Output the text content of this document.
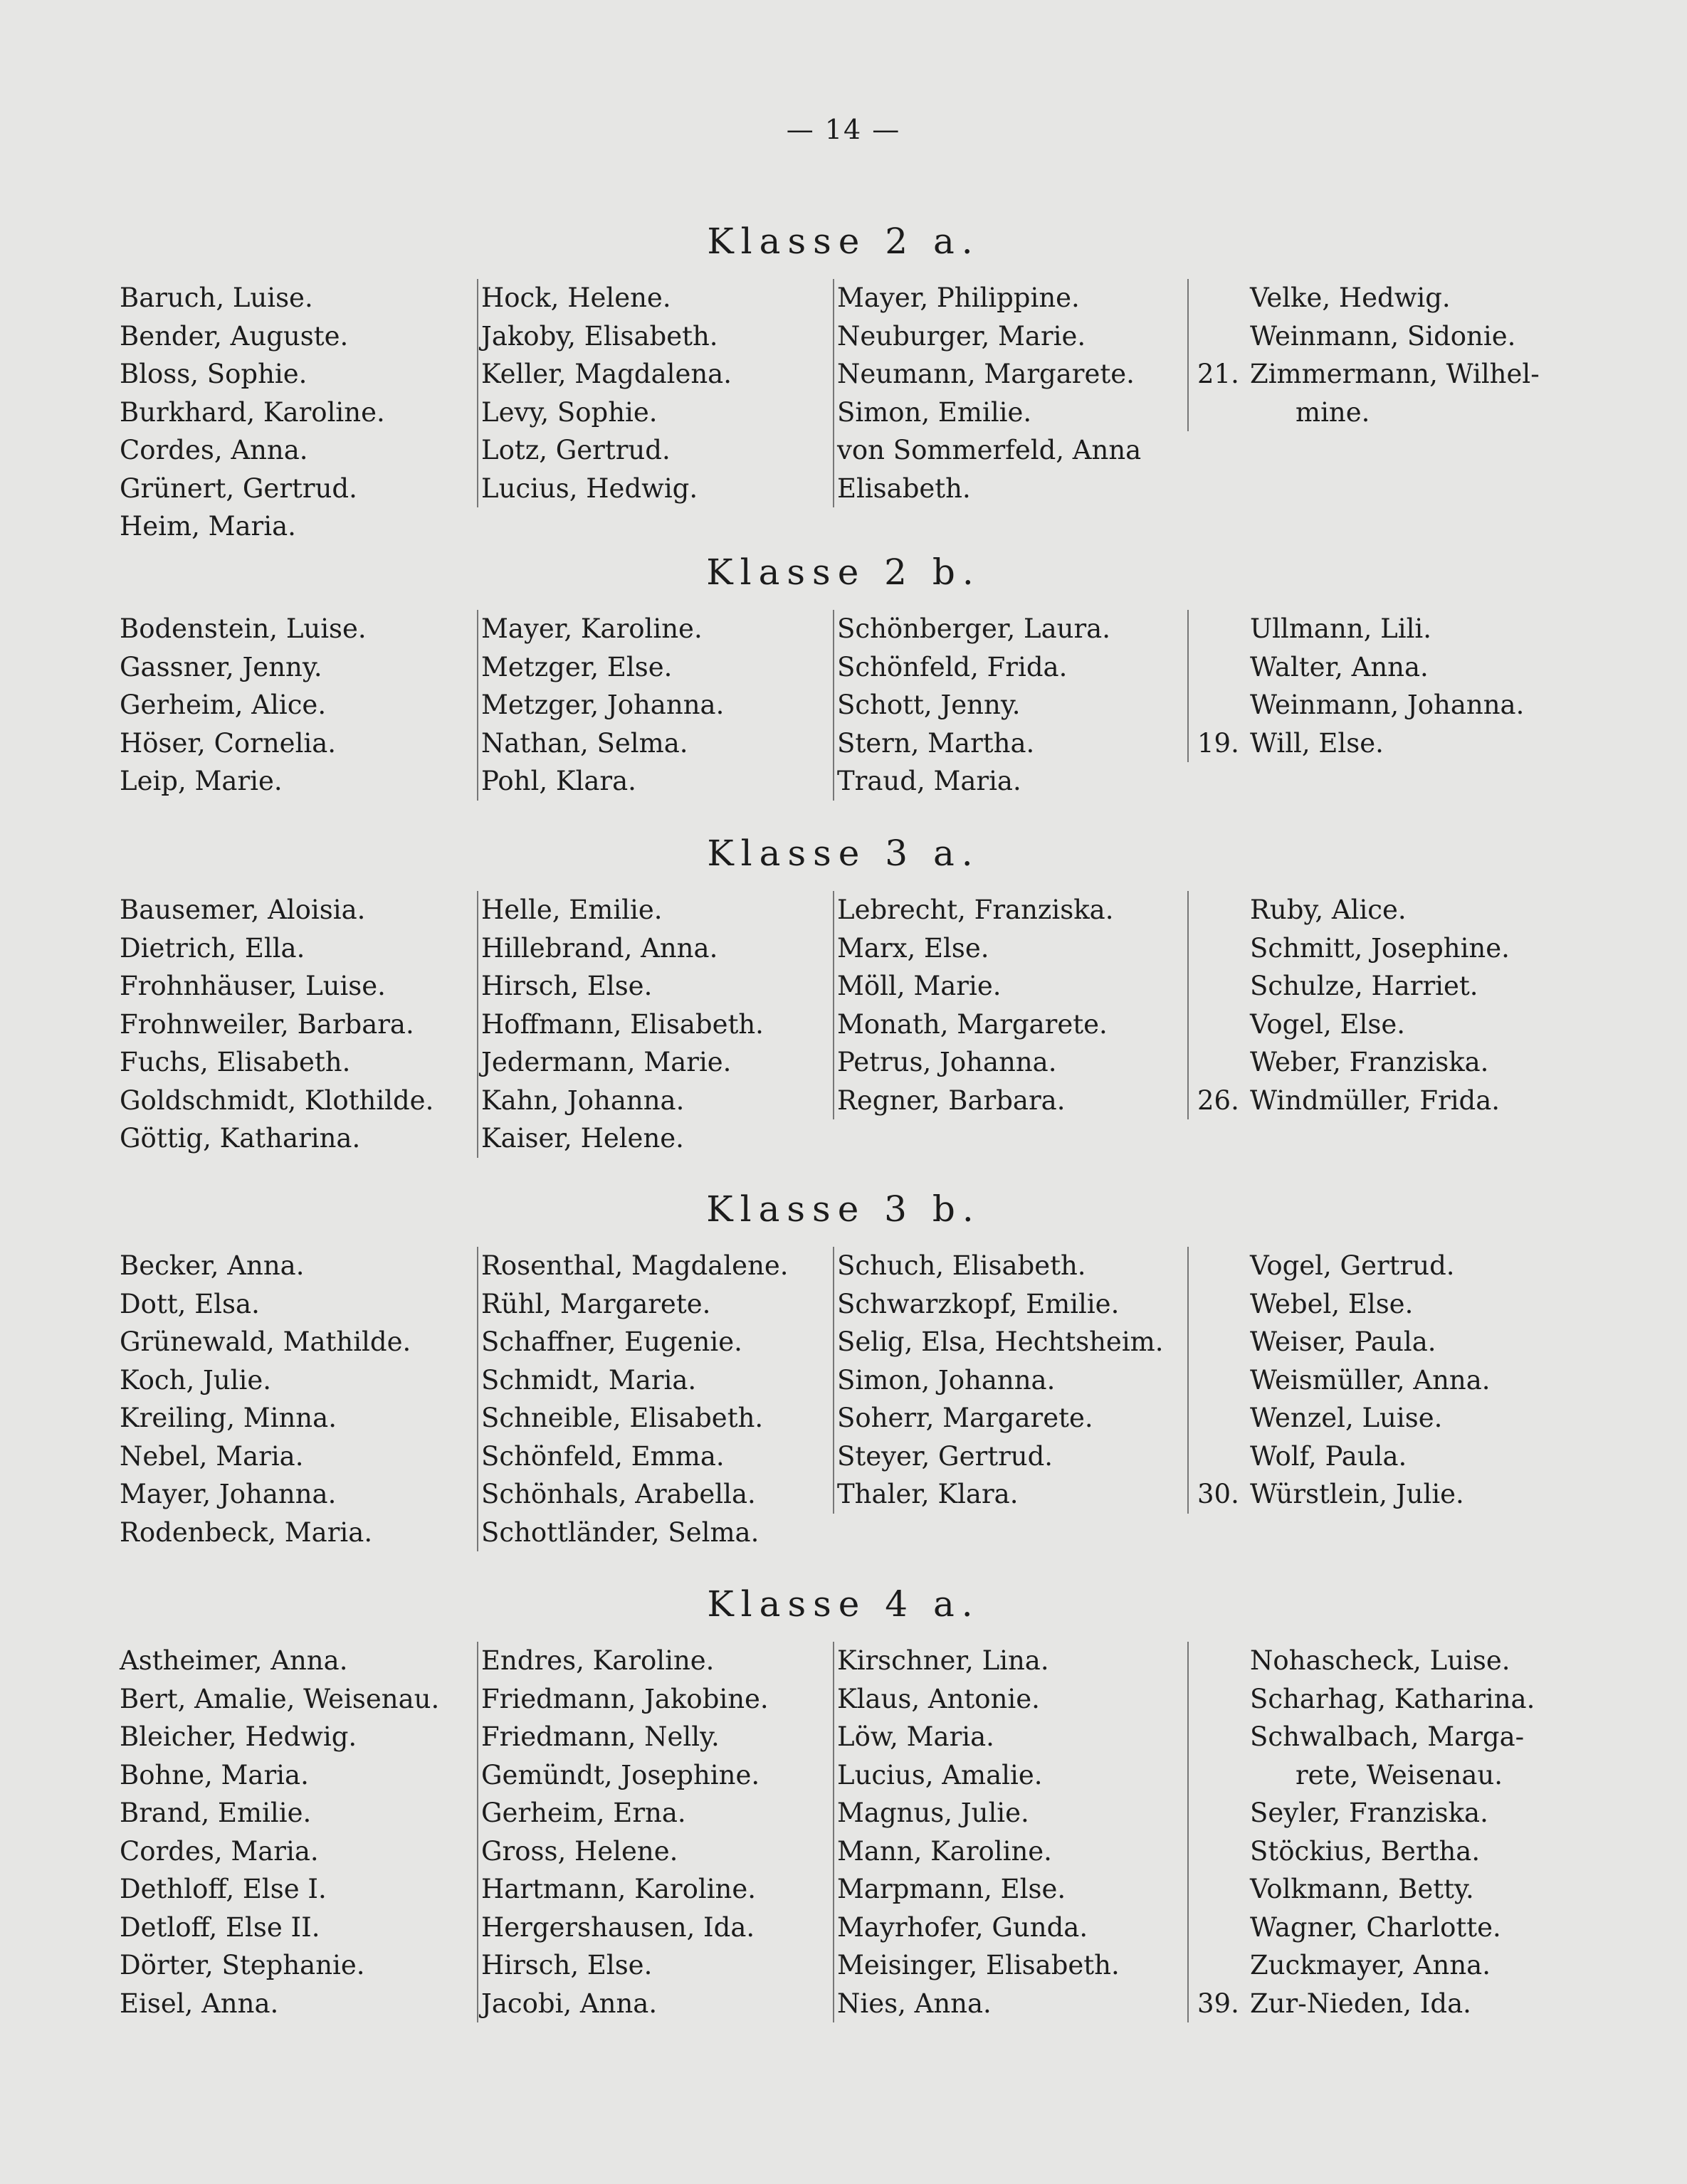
— 14 —
Klasse 2 a.
Baruch, Luise.
Bender, Auguste.
Bloss, Sophie.
Burkhard, Karoline.
Cordes, Anna.
Grünert, Gertrud.
Heim, Maria.
Hock, Helene.
Jakoby, Elisabeth.
Keller, Magdalena.
Levy, Sophie.
Lotz, Gertrud.
Lucius, Hedwig.
Mayer, Philippine.
Neuburger, Marie.
Neumann, Margarete.
Simon, Emilie.
von Sommerfeld, Anna
Elisabeth.
Velke, Hedwig.
Weinmann, Sidonie.
21. Zimmermann, Wilhel-
mine.
Klasse 2 b.
Bodenstein, Luise.
Gassner, Jenny.
Gerheim, Alice.
Höser, Cornelia.
Leip, Marie.
Mayer, Karoline.
Metzger, Else.
Metzger, Johanna.
Nathan, Selma.
Pohl, Klara.
Schönberger, Laura.
Schönfeld, Frida.
Schott, Jenny.
Stern, Martha.
Traud, Maria.
Ullmann, Lili.
Walter, Anna.
Weinmann, Johanna.
19. Will, Else.
Klasse 3 a.
Bausemer, Aloisia.
Dietrich, Ella.
Frohnhäuser, Luise.
Frohnweiler, Barbara.
Fuchs, Elisabeth.
Goldschmidt, Klothilde.
Göttig, Katharina.
Helle, Emilie.
Hillebrand, Anna.
Hirsch, Else.
Hoffmann, Elisabeth.
Jedermann, Marie.
Kahn, Johanna.
Kaiser, Helene.
Lebrecht, Franziska.
Marx, Else.
Möll, Marie.
Monath, Margarete.
Petrus, Johanna.
Regner, Barbara.
Ruby, Alice.
Schmitt, Josephine.
Schulze, Harriet.
Vogel, Else.
Weber, Franziska.
26. Windmüller, Frida.
Klasse 3 b.
Becker, Anna.
Dott, Elsa.
Grünewald, Mathilde.
Koch, Julie.
Kreiling, Minna.
Nebel, Maria.
Mayer, Johanna.
Rodenbeck, Maria.
Rosenthal, Magdalene.
Rühl, Margarete.
Schaffner, Eugenie.
Schmidt, Maria.
Schneible, Elisabeth.
Schönfeld, Emma.
Schönhals, Arabella.
Schottländer, Selma.
Schuch, Elisabeth.
Schwarzkopf, Emilie.
Selig, Elsa, Hechtsheim.
Simon, Johanna.
Soherr, Margarete.
Steyer, Gertrud.
Thaler, Klara.
Vogel, Gertrud.
Webel, Else.
Weiser, Paula.
Weismüller, Anna.
Wenzel, Luise.
Wolf, Paula.
30. Würstlein, Julie.
Klasse 4 a.
Astheimer, Anna.
Bert, Amalie, Weisenau.
Bleicher, Hedwig.
Bohne, Maria.
Brand, Emilie.
Cordes, Maria.
Dethloff, Else I.
Detloff, Else II.
Dörter, Stephanie.
Eisel, Anna.
Endres, Karoline.
Friedmann, Jakobine.
Friedmann, Nelly.
Gemündt, Josephine.
Gerheim, Erna.
Gross, Helene.
Hartmann, Karoline.
Hergershausen, Ida.
Hirsch, Else.
Jacobi, Anna.
Kirschner, Lina.
Klaus, Antonie.
Löw, Maria.
Lucius, Amalie.
Magnus, Julie.
Mann, Karoline.
Marpmann, Else.
Mayrhofer, Gunda.
Meisinger, Elisabeth.
Nies, Anna.
Nohascheck, Luise.
Scharhag, Katharina.
Schwalbach, Marga-
rete, Weisenau.
Seyler, Franziska.
Stöckius, Bertha.
Volkmann, Betty.
Wagner, Charlotte.
Zuckmayer, Anna.
39. Zur-Nieden, Ida.
